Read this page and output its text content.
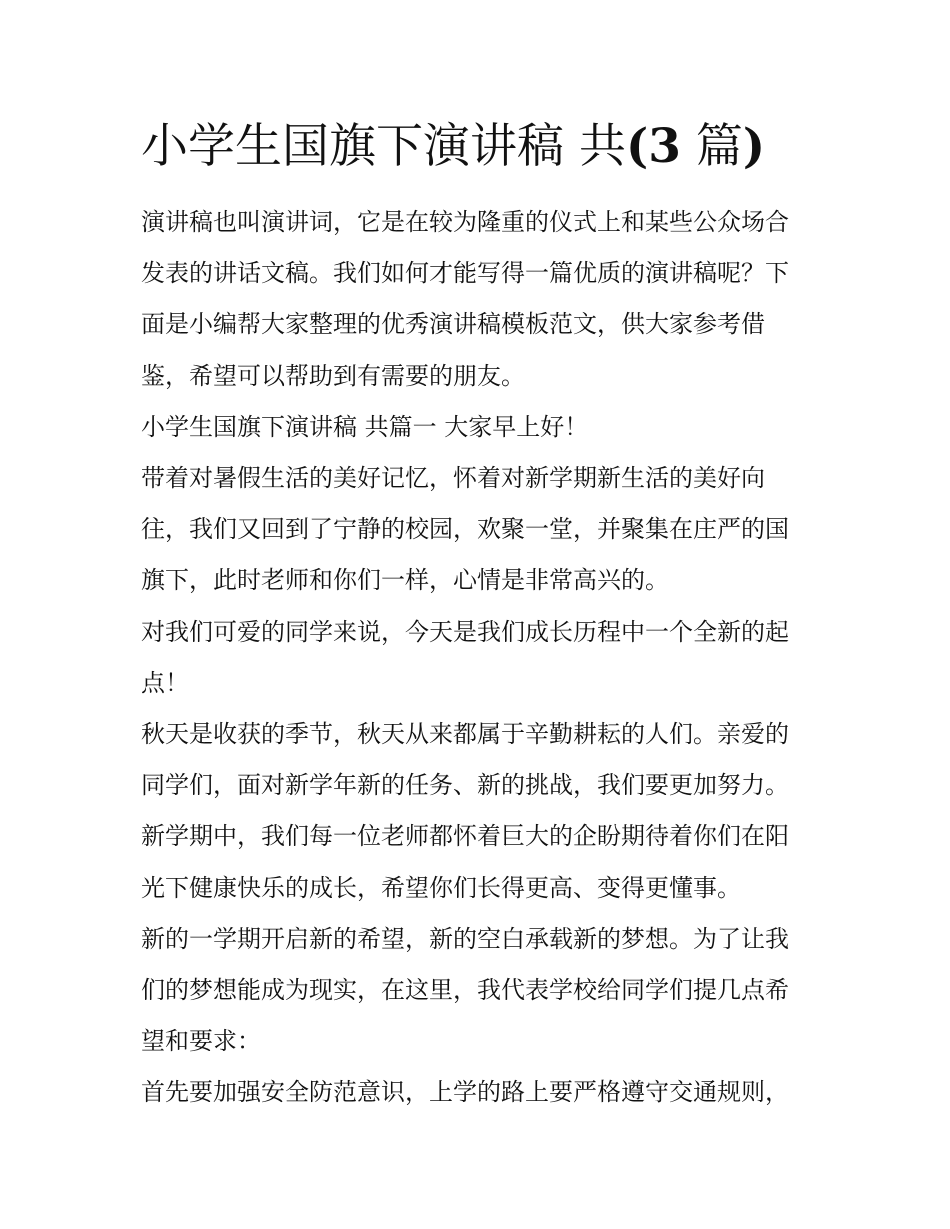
小学生国旗下演讲稿 共(3 篇)

演讲稿也叫演讲词，它是在较为隆重的仪式上和某些公众场合

发表的讲话文稿。我们如何才能写得一篇优质的演讲稿呢？下

面是小编帮大家整理的优秀演讲稿模板范文，供大家参考借

鉴，希望可以帮助到有需要的朋友。

小学生国旗下演讲稿 共篇一 大家早上好！

带着对暑假生活的美好记忆，怀着对新学期新生活的美好向

往，我们又回到了宁静的校园，欢聚一堂，并聚集在庄严的国

旗下，此时老师和你们一样，心情是非常高兴的。

对我们可爱的同学来说，今天是我们成长历程中一个全新的起

点！

秋天是收获的季节，秋天从来都属于辛勤耕耘的人们。亲爱的

同学们，面对新学年新的任务、新的挑战，我们要更加努力。

新学期中，我们每一位老师都怀着巨大的企盼期待着你们在阳

光下健康快乐的成长，希望你们长得更高、变得更懂事。

新的一学期开启新的希望，新的空白承载新的梦想。为了让我

们的梦想能成为现实，在这里，我代表学校给同学们提几点希

望和要求：

首先要加强安全防范意识，上学的路上要严格遵守交通规则，
